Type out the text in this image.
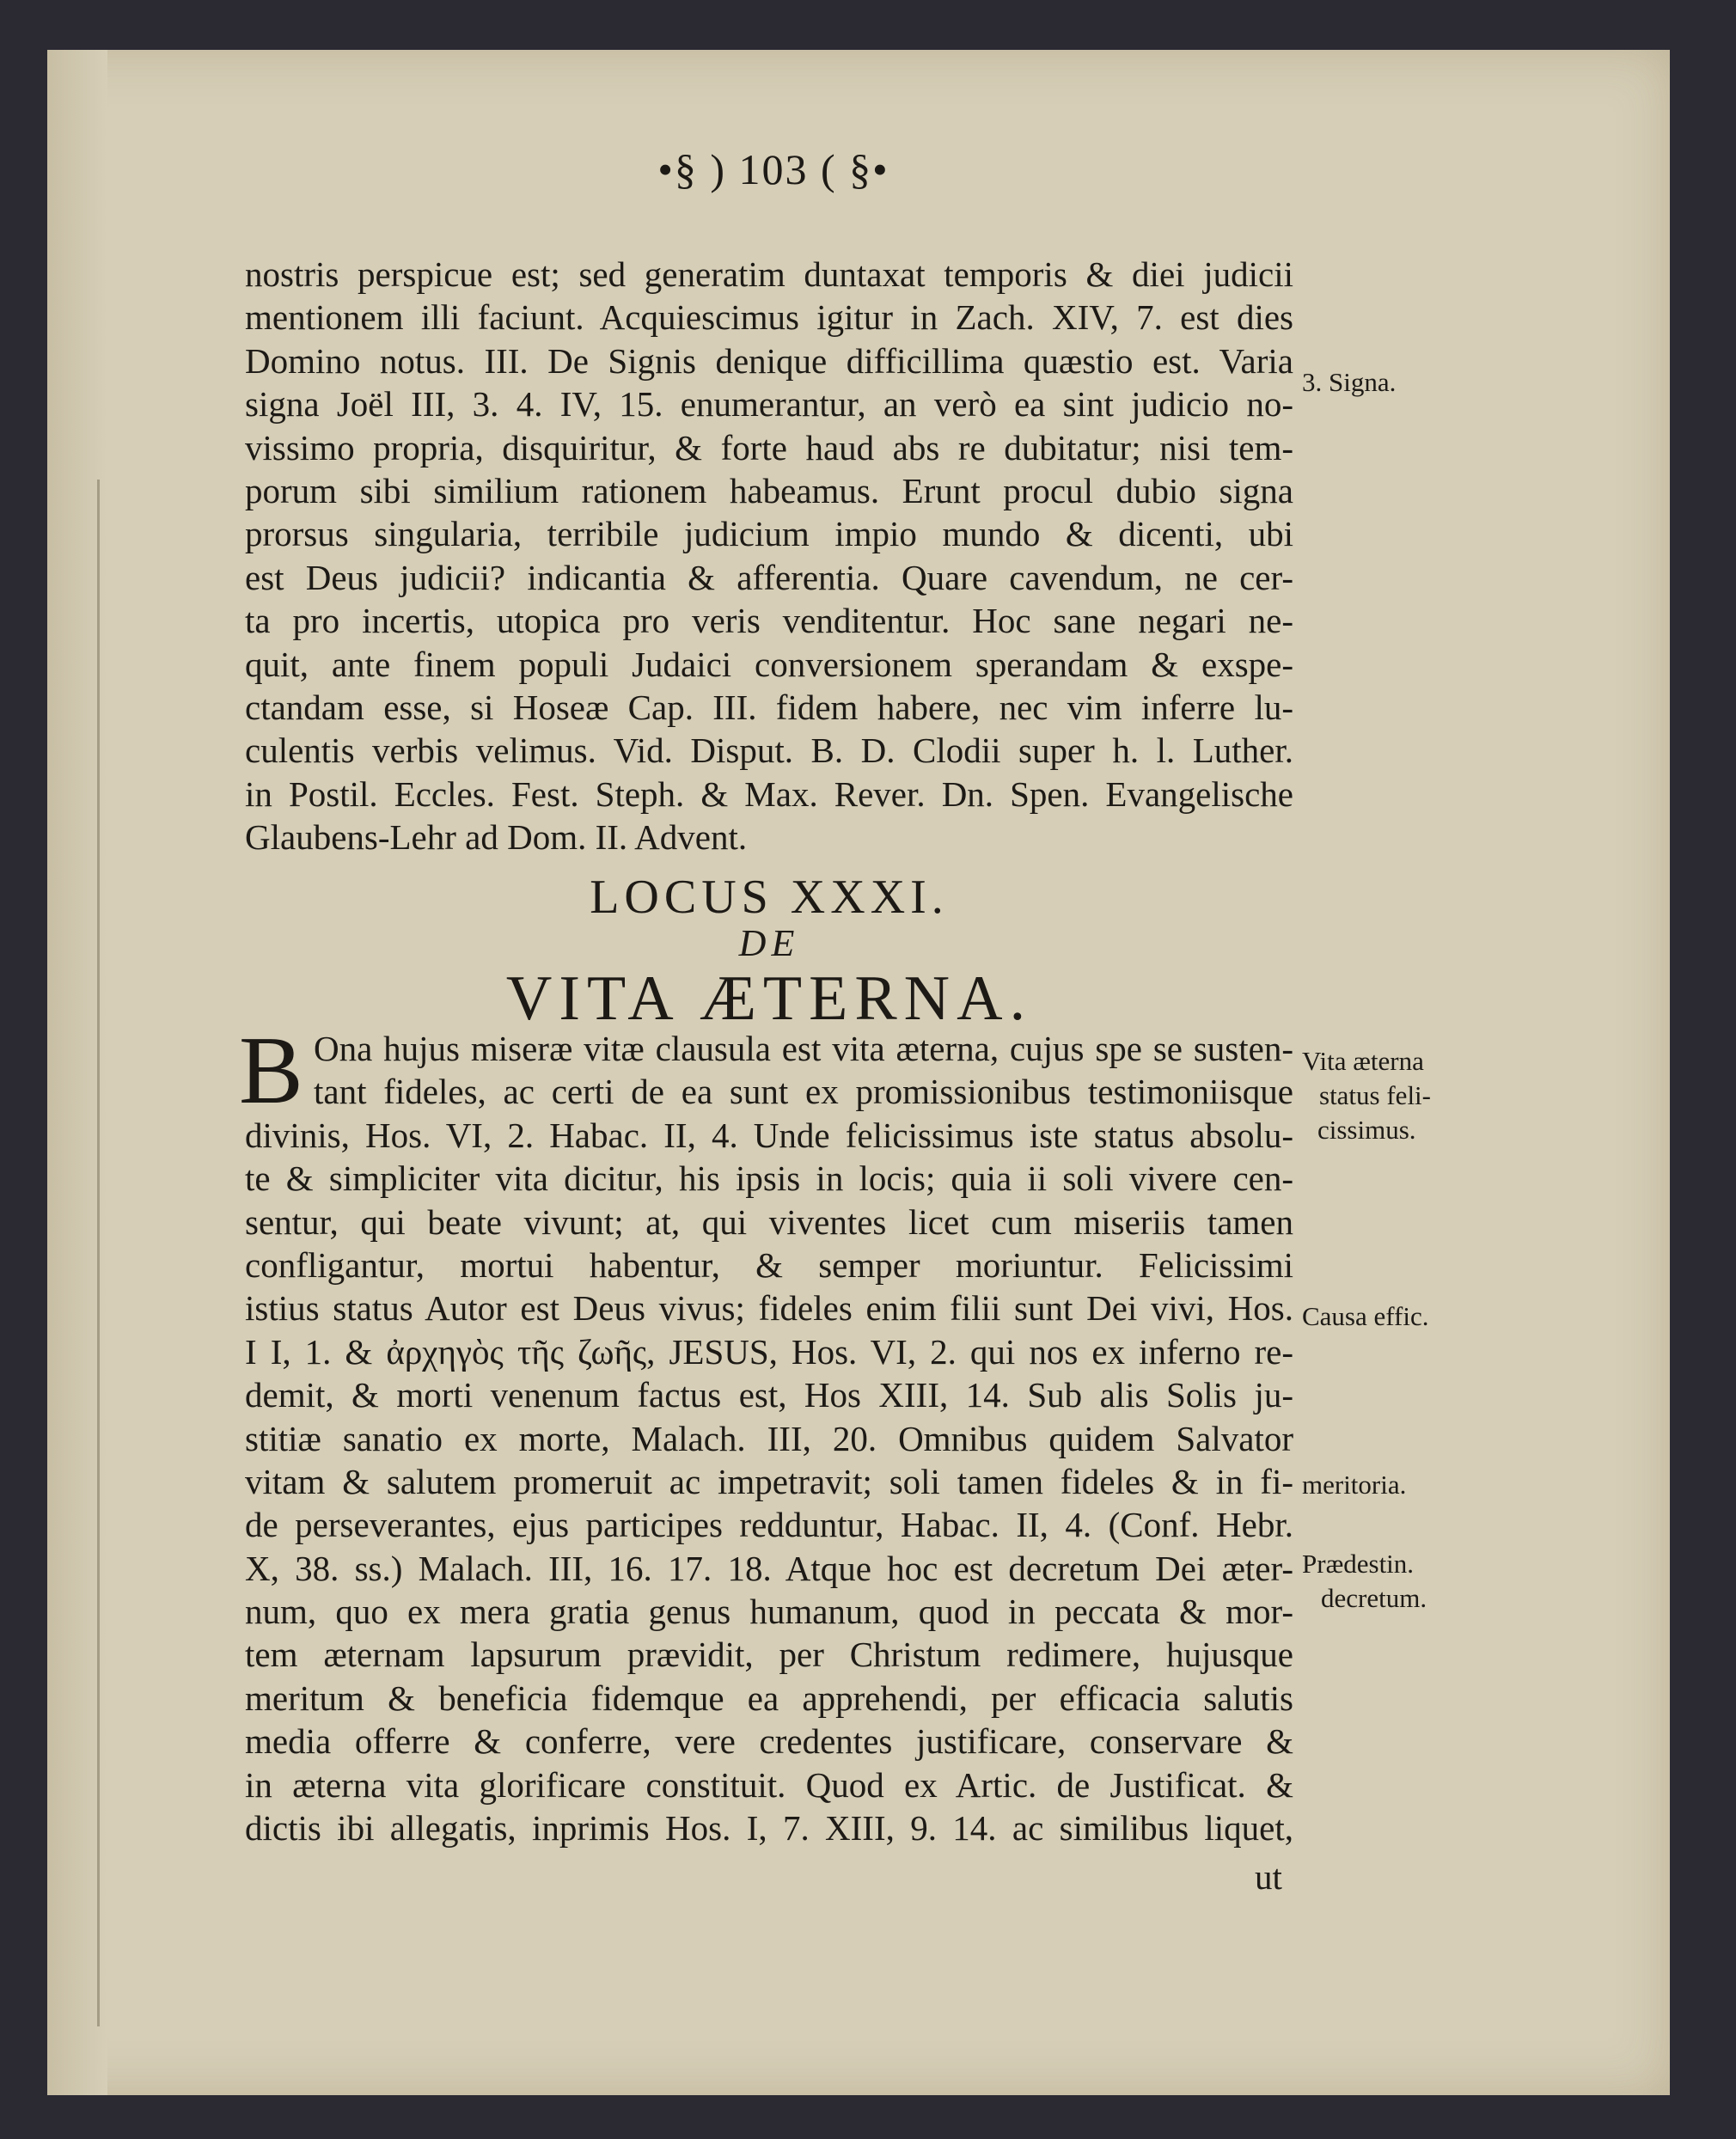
•§ ) 103 ( §•
nostris perspicue est; sed generatim duntaxat temporis & diei judicii
mentionem illi faciunt. Acquiescimus igitur in Zach. XIV, 7. est dies
Domino notus. III. De Signis denique difficillima quæstio est. Varia
signa Joël III, 3. 4. IV, 15. enumerantur, an verò ea sint judicio no-
vissimo propria, disquiritur, & forte haud abs re dubitatur; nisi tem-
porum sibi similium rationem habeamus. Erunt procul dubio signa
prorsus singularia, terribile judicium impio mundo & dicenti, ubi
est Deus judicii? indicantia & afferentia. Quare cavendum, ne cer-
ta pro incertis, utopica pro veris venditentur. Hoc sane negari ne-
quit, ante finem populi Judaici conversionem sperandam & exspe-
ctandam esse, si Hoseæ Cap. III. fidem habere, nec vim inferre lu-
culentis verbis velimus. Vid. Disput. B. D. Clodii super h. l. Luther.
in Postil. Eccles. Fest. Steph. & Max. Rever. Dn. Spen. Evangelische
Glaubens-Lehr ad Dom. II. Advent.
LOCUS XXXI.
DE
VITA ÆTERNA.
B Ona hujus miseræ vitæ clausula est vita æterna, cujus spe se susten-
tant fideles, ac certi de ea sunt ex promissionibus testimoniisque
divinis, Hos. VI, 2. Habac. II, 4. Unde felicissimus iste status absolu-
te & simpliciter vita dicitur, his ipsis in locis; quia ii soli vivere cen-
sentur, qui beate vivunt; at, qui viventes licet cum miseriis tamen
confligantur, mortui habentur, & semper moriuntur. Felicissimi
istius status Autor est Deus vivus; fideles enim filii sunt Dei vivi, Hos.
I I, 1. & ἀρχηγὸς τῆς ζωῆς, JESUS, Hos. VI, 2. qui nos ex inferno re-
demit, & morti venenum factus est, Hos XIII, 14. Sub alis Solis ju-
stitiæ sanatio ex morte, Malach. III, 20. Omnibus quidem Salvator
vitam & salutem promeruit ac impetravit; soli tamen fideles & in fi-
de perseverantes, ejus participes redduntur, Habac. II, 4. (Conf. Hebr.
X, 38. ss.) Malach. III, 16. 17. 18. Atque hoc est decretum Dei æter-
num, quo ex mera gratia genus humanum, quod in peccata & mor-
tem æternam lapsurum prævidit, per Christum redimere, hujusque
meritum & beneficia fidemque ea apprehendi, per efficacia salutis
media offerre & conferre, vere credentes justificare, conservare &
in æterna vita glorificare constituit. Quod ex Artic. de Justificat. &
dictis ibi allegatis, inprimis Hos. I, 7. XIII, 9. 14. ac similibus liquet,
ut
3. Signa.
Vita æterna
status feli-
cissimus.
Causa effic.
meritoria.
Prædestin.
decretum.
